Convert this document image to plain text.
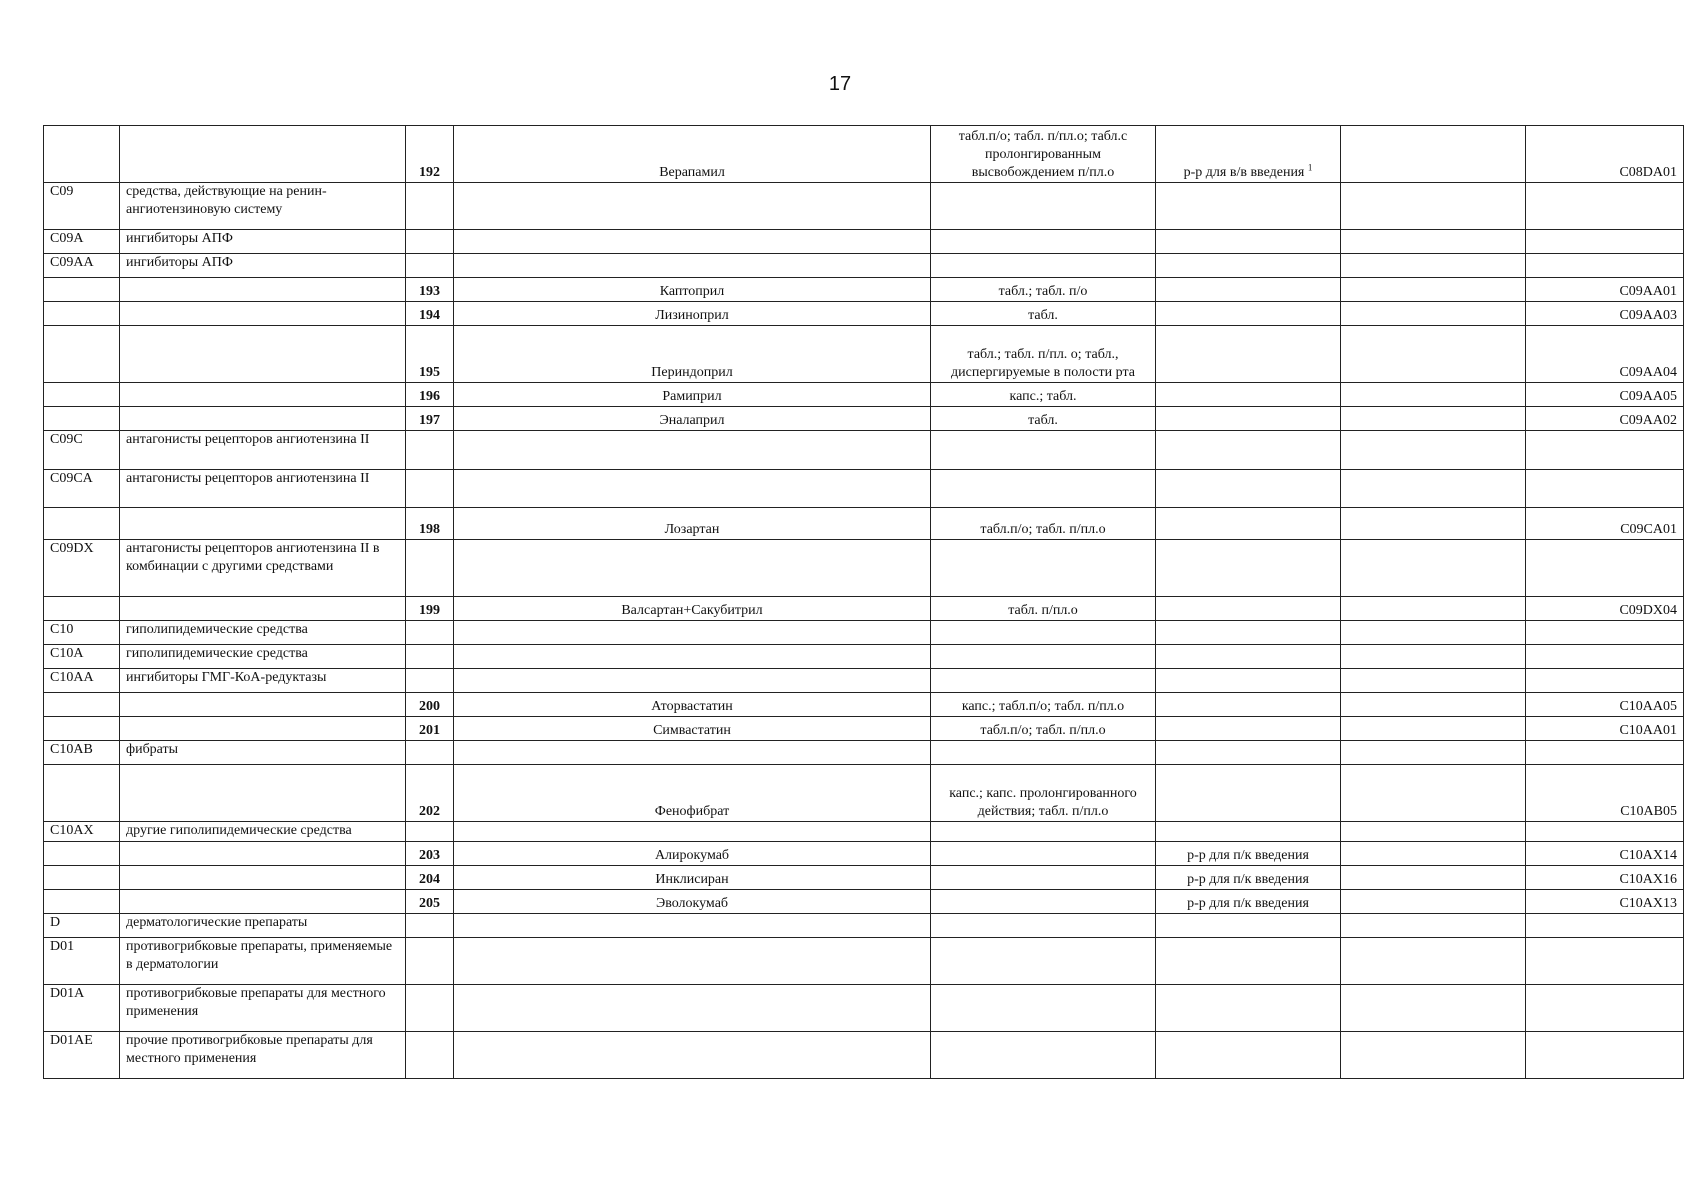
17
		192	Верапамил	табл.п/о; табл. п/пл.о; табл.с пролонгированным высвобождением п/пл.о	р-р для в/в введения $^1$		C08DA01
C09	средства, действующие на ренин-ангиотензиновую систему						
C09A	ингибиторы АПФ						
C09AA	ингибиторы АПФ						
		193	Каптоприл	табл.; табл. п/о			C09AA01
		194	Лизиноприл	табл.			C09AA03
		195	Периндоприл	табл.; табл. п/пл. о; табл., диспергируемые в полости рта			C09AA04
		196	Рамиприл	капс.; табл.			C09AA05
		197	Эналаприл	табл.			C09AA02
C09C	антагонисты рецепторов ангиотензина II						
C09CA	антагонисты рецепторов ангиотензина II						
		198	Лозартан	табл.п/о; табл. п/пл.о			C09CA01
C09DX	антагонисты рецепторов ангиотензина II в комбинации с другими средствами						
		199	Валсартан+Сакубитрил	табл. п/пл.о			C09DX04
C10	гиполипидемические средства						
C10A	гиполипидемические средства						
C10AA	ингибиторы ГМГ-КоА-редуктазы						
		200	Аторвастатин	капс.; табл.п/о; табл. п/пл.о			C10AA05
		201	Симвастатин	табл.п/о; табл. п/пл.о			C10AA01
C10AB	фибраты						
		202	Фенофибрат	капс.; капс. пролонгированного действия; табл. п/пл.о			C10AB05
C10AX	другие гиполипидемические средства						
		203	Алирокумаб		р-р для п/к введения		C10AX14
		204	Инклисиран		р-р для п/к введения		C10AX16
		205	Эволокумаб		р-р для п/к введения		C10AX13
D	дерматологические препараты						
D01	противогрибковые препараты, применяемые в дерматологии						
D01A	противогрибковые препараты для местного применения						
D01AE	прочие противогрибковые препараты для местного применения						
